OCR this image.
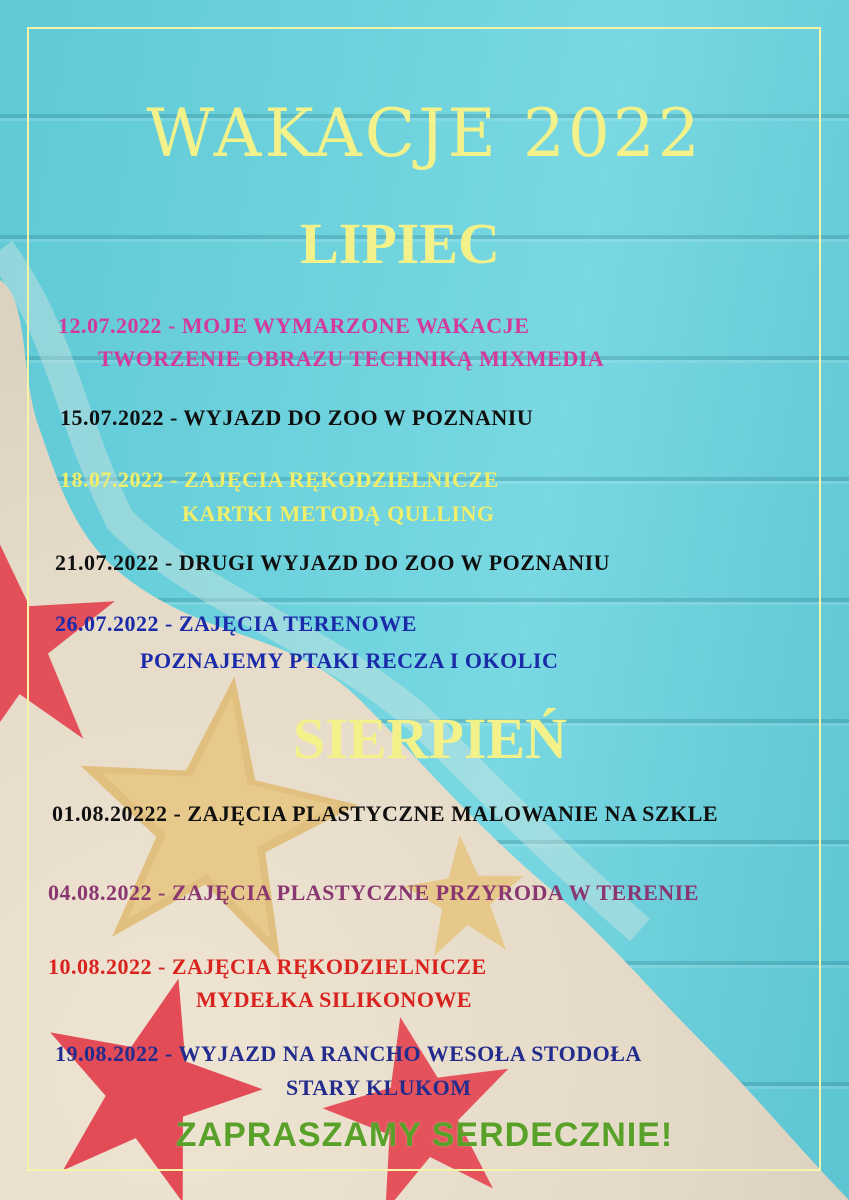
WAKACJE 2022
LIPIEC
SIERPIEŃ
12.07.2022 - MOJE WYMARZONE WAKACJE
TWORZENIE OBRAZU TECHNIKĄ MIXMEDIA
15.07.2022 - WYJAZD DO ZOO W POZNANIU
18.07.2022 - ZAJĘCIA RĘKODZIELNICZE
KARTKI METODĄ QULLING
21.07.2022 - DRUGI WYJAZD DO ZOO W POZNANIU
26.07.2022 - ZAJĘCIA TERENOWE
POZNAJEMY PTAKI RECZA I OKOLIC
01.08.20222 - ZAJĘCIA PLASTYCZNE MALOWANIE NA SZKLE
04.08.2022 - ZAJĘCIA PLASTYCZNE PRZYRODA W TERENIE
10.08.2022 - ZAJĘCIA RĘKODZIELNICZE
MYDEŁKA SILIKONOWE
19.08.2022 - WYJAZD NA RANCHO WESOŁA STODOŁA
STARY KLUKOM
ZAPRASZAMY SERDECZNIE!
